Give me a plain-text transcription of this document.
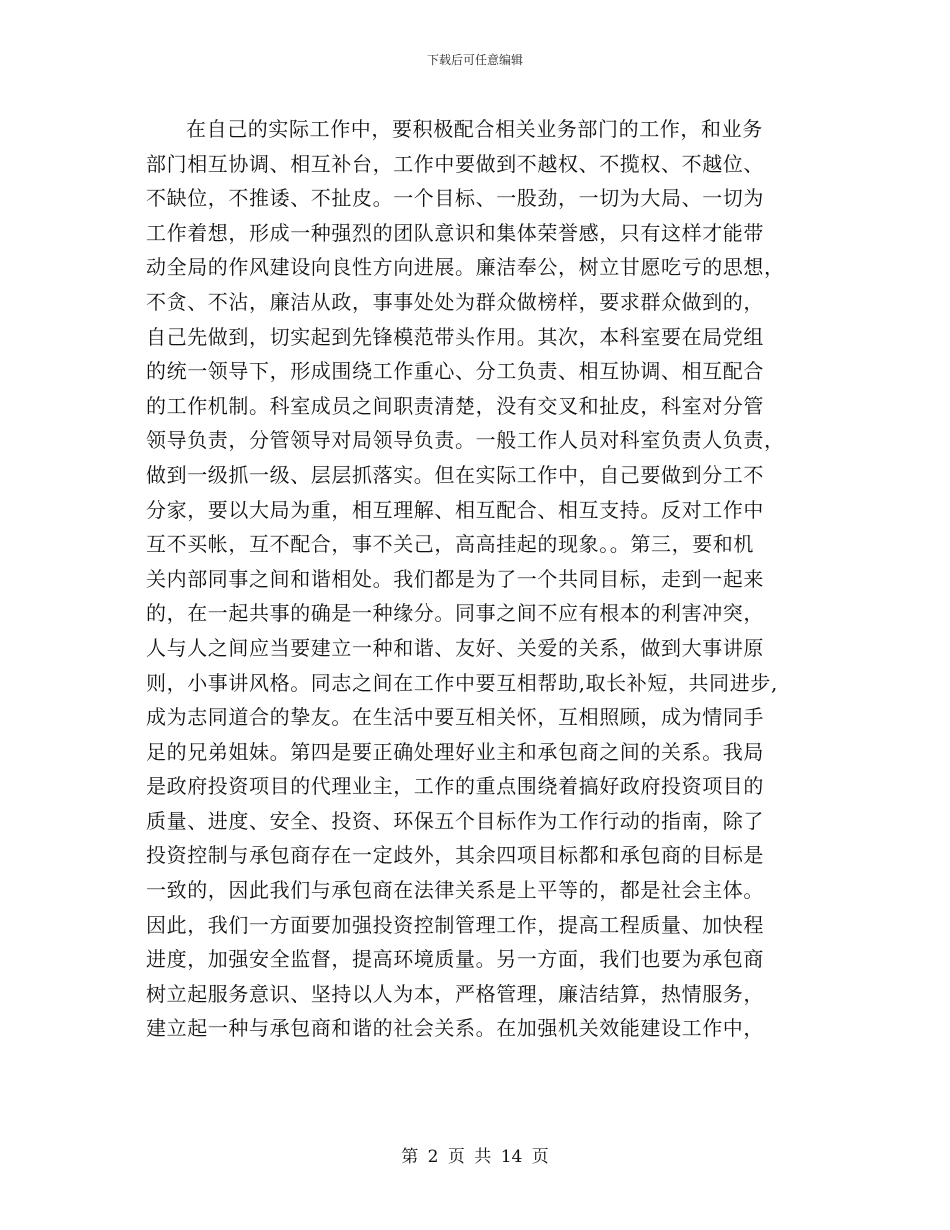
下载后可任意编辑
在自己的实际工作中，要积极配合相关业务部门的工作，和业务
部门相互协调、相互补台，工作中要做到不越权、不揽权、不越位、
不缺位，不推诿、不扯皮。一个目标、一股劲，一切为大局、一切为
工作着想，形成一种强烈的团队意识和集体荣誉感，只有这样才能带
动全局的作风建设向良性方向进展。廉洁奉公，树立甘愿吃亏的思想，
不贪、不沾，廉洁从政，事事处处为群众做榜样，要求群众做到的，
自己先做到，切实起到先锋模范带头作用。其次，本科室要在局党组
的统一领导下，形成围绕工作重心、分工负责、相互协调、相互配合
的工作机制。科室成员之间职责清楚，没有交叉和扯皮，科室对分管
领导负责，分管领导对局领导负责。一般工作人员对科室负责人负责，
做到一级抓一级、层层抓落实。但在实际工作中，自己要做到分工不
分家，要以大局为重，相互理解、相互配合、相互支持。反对工作中
互不买帐，互不配合，事不关己，高高挂起的现象。。第三，要和机
关内部同事之间和谐相处。我们都是为了一个共同目标，走到一起来
的，在一起共事的确是一种缘分。同事之间不应有根本的利害冲突，
人与人之间应当要建立一种和谐、友好、关爱的关系，做到大事讲原
则，小事讲风格。同志之间在工作中要互相帮助,取长补短，共同进步,
成为志同道合的挚友。在生活中要互相关怀，互相照顾，成为情同手
足的兄弟姐妹。第四是要正确处理好业主和承包商之间的关系。我局
是政府投资项目的代理业主，工作的重点围绕着搞好政府投资项目的
质量、进度、安全、投资、环保五个目标作为工作行动的指南，除了
投资控制与承包商存在一定歧外，其余四项目标都和承包商的目标是
一致的，因此我们与承包商在法律关系是上平等的，都是社会主体。
因此，我们一方面要加强投资控制管理工作，提高工程质量、加快程
进度，加强安全监督，提高环境质量。另一方面，我们也要为承包商
树立起服务意识、坚持以人为本，严格管理，廉洁结算，热情服务，
建立起一种与承包商和谐的社会关系。在加强机关效能建设工作中，
第 2 页 共 14 页
